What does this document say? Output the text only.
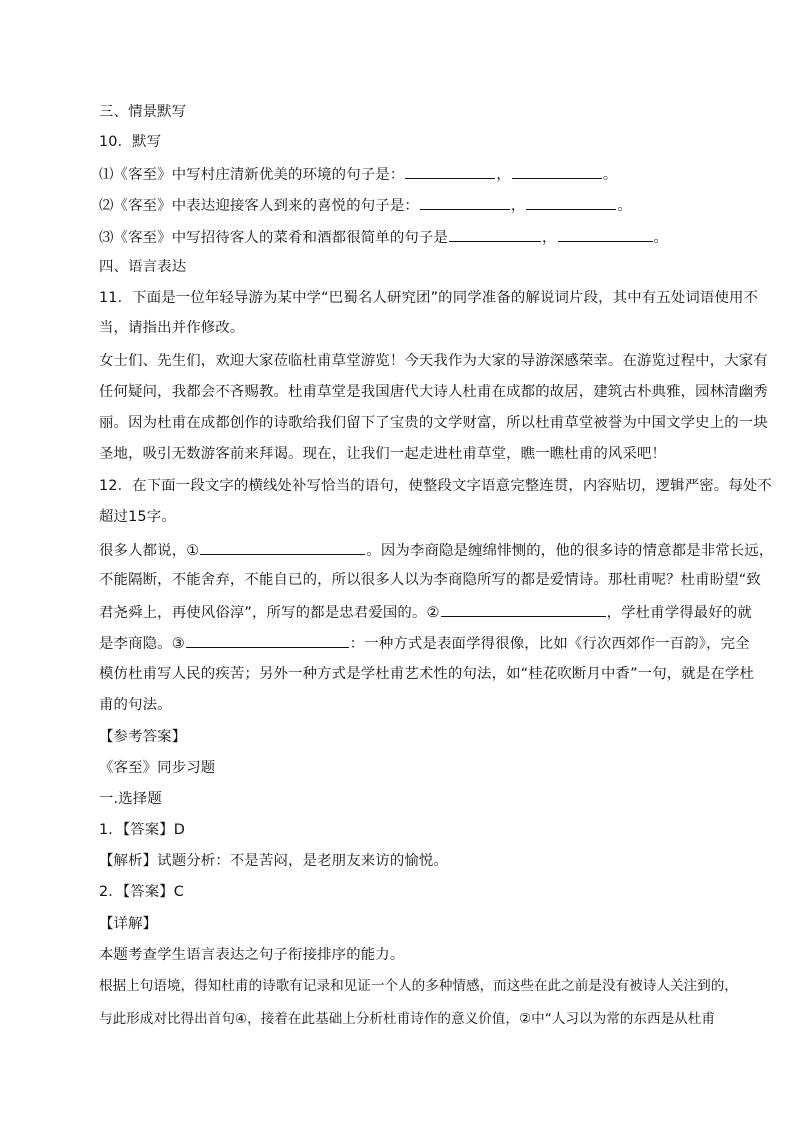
三、情景默写
10．默写
⑴《客至》中写村庄清新优美的环境的句子是：	，	。
⑵《客至》中表达迎接客人到来的喜悦的句子是：	，	。
⑶《客至》中写招待客人的菜肴和酒都很简单的句子是	，	。
四、语言表达
11．下面是一位年轻导游为某中学“巴蜀名人研究团”的同学准备的解说词片段，其中有五处词语使用不
当，请指出并作修改。
女士们、先生们，欢迎大家莅临杜甫草堂游览！今天我作为大家的导游深感荣幸。在游览过程中，大家有
任何疑问，我都会不吝赐教。杜甫草堂是我国唐代大诗人杜甫在成都的故居，建筑古朴典雅，园林清幽秀
丽。因为杜甫在成都创作的诗歌给我们留下了宝贵的文学财富，所以杜甫草堂被誉为中国文学史上的一块
圣地，吸引无数游客前来拜谒。现在，让我们一起走进杜甫草堂，瞧一瞧杜甫的风采吧！
12．在下面一段文字的横线处补写恰当的语句，使整段文字语意完整连贯，内容贴切，逻辑严密。每处不
超过15字。
很多人都说，①	。因为李商隐是缠绵悱恻的，他的很多诗的情意都是非常长远，
不能隔断，不能舍弃，不能自已的，所以很多人以为李商隐所写的都是爱情诗。那杜甫呢？杜甫盼望“致
君尧舜上，再使风俗淳”，所写的都是忠君爱国的。②	，学杜甫学得最好的就
是李商隐。③	：一种方式是表面学得很像，比如《行次西郊作一百韵》，完全
模仿杜甫写人民的疾苦；另外一种方式是学杜甫艺术性的句法，如“桂花吹断月中香”一句，就是在学杜
甫的句法。
【参考答案】
《客至》同步习题
一.选择题
1．【答案】D
【解析】试题分析：不是苦闷，是老朋友来访的愉悦。
2．【答案】C
【详解】
本题考查学生语言表达之句子衔接排序的能力。
根据上句语境，得知杜甫的诗歌有记录和见证一个人的多种情感，而这些在此之前是没有被诗人关注到的，
与此形成对比得出首句④，接着在此基础上分析杜甫诗作的意义价值，②中“人习以为常的东西是从杜甫
